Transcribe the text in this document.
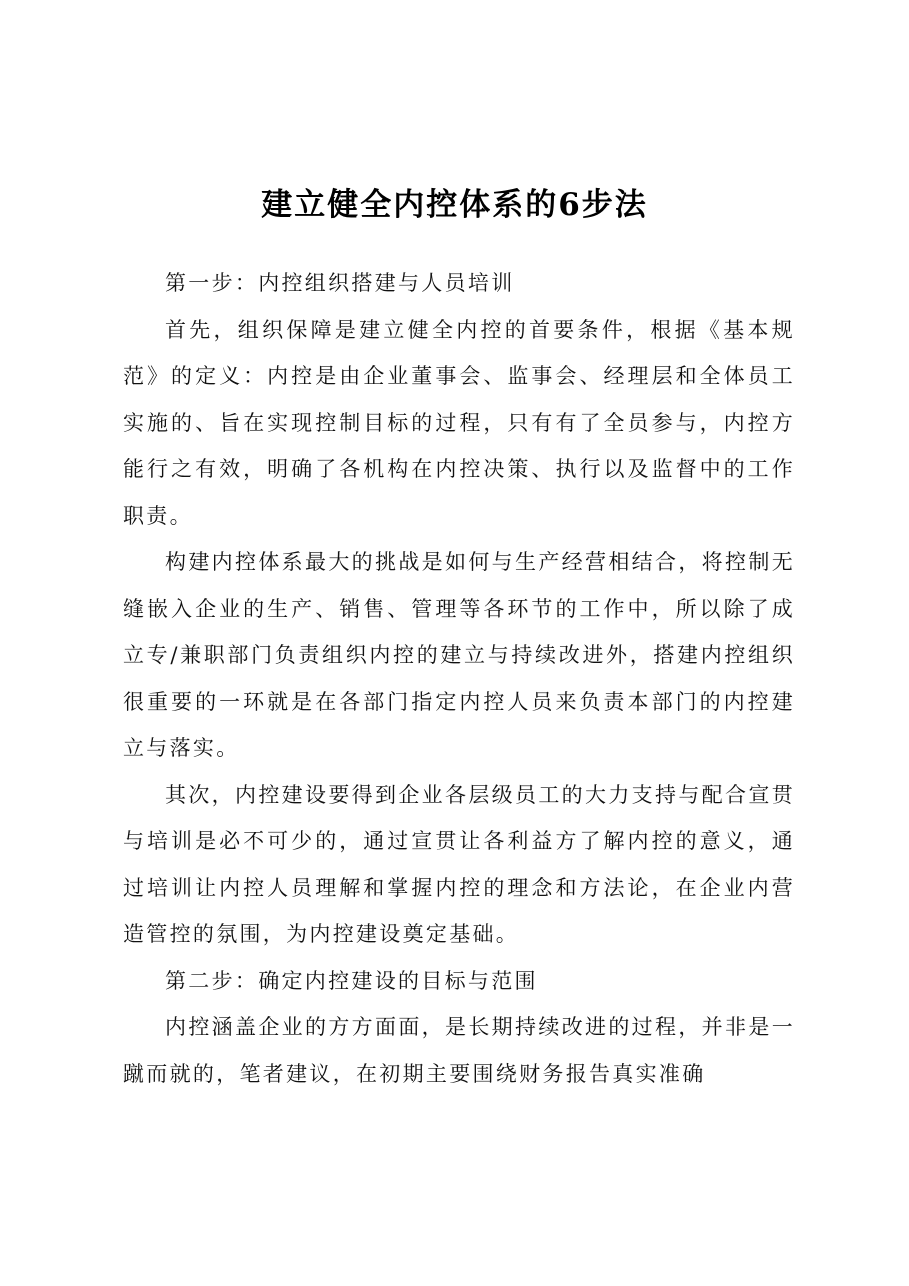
建立健全内控体系的6步法

第一步：内控组织搭建与人员培训

首先，组织保障是建立健全内控的首要条件，根据《基本规范》的定义：内控是由企业董事会、监事会、经理层和全体员工实施的、旨在实现控制目标的过程，只有有了全员参与，内控方能行之有效，明确了各机构在内控决策、执行以及监督中的工作职责。

构建内控体系最大的挑战是如何与生产经营相结合，将控制无缝嵌入企业的生产、销售、管理等各环节的工作中，所以除了成立专/兼职部门负责组织内控的建立与持续改进外，搭建内控组织很重要的一环就是在各部门指定内控人员来负责本部门的内控建立与落实。

其次，内控建设要得到企业各层级员工的大力支持与配合宣贯与培训是必不可少的，通过宣贯让各利益方了解内控的意义，通过培训让内控人员理解和掌握内控的理念和方法论，在企业内营造管控的氛围，为内控建设奠定基础。

第二步：确定内控建设的目标与范围

内控涵盖企业的方方面面，是长期持续改进的过程，并非是一蹴而就的，笔者建议，在初期主要围绕财务报告真实准确
